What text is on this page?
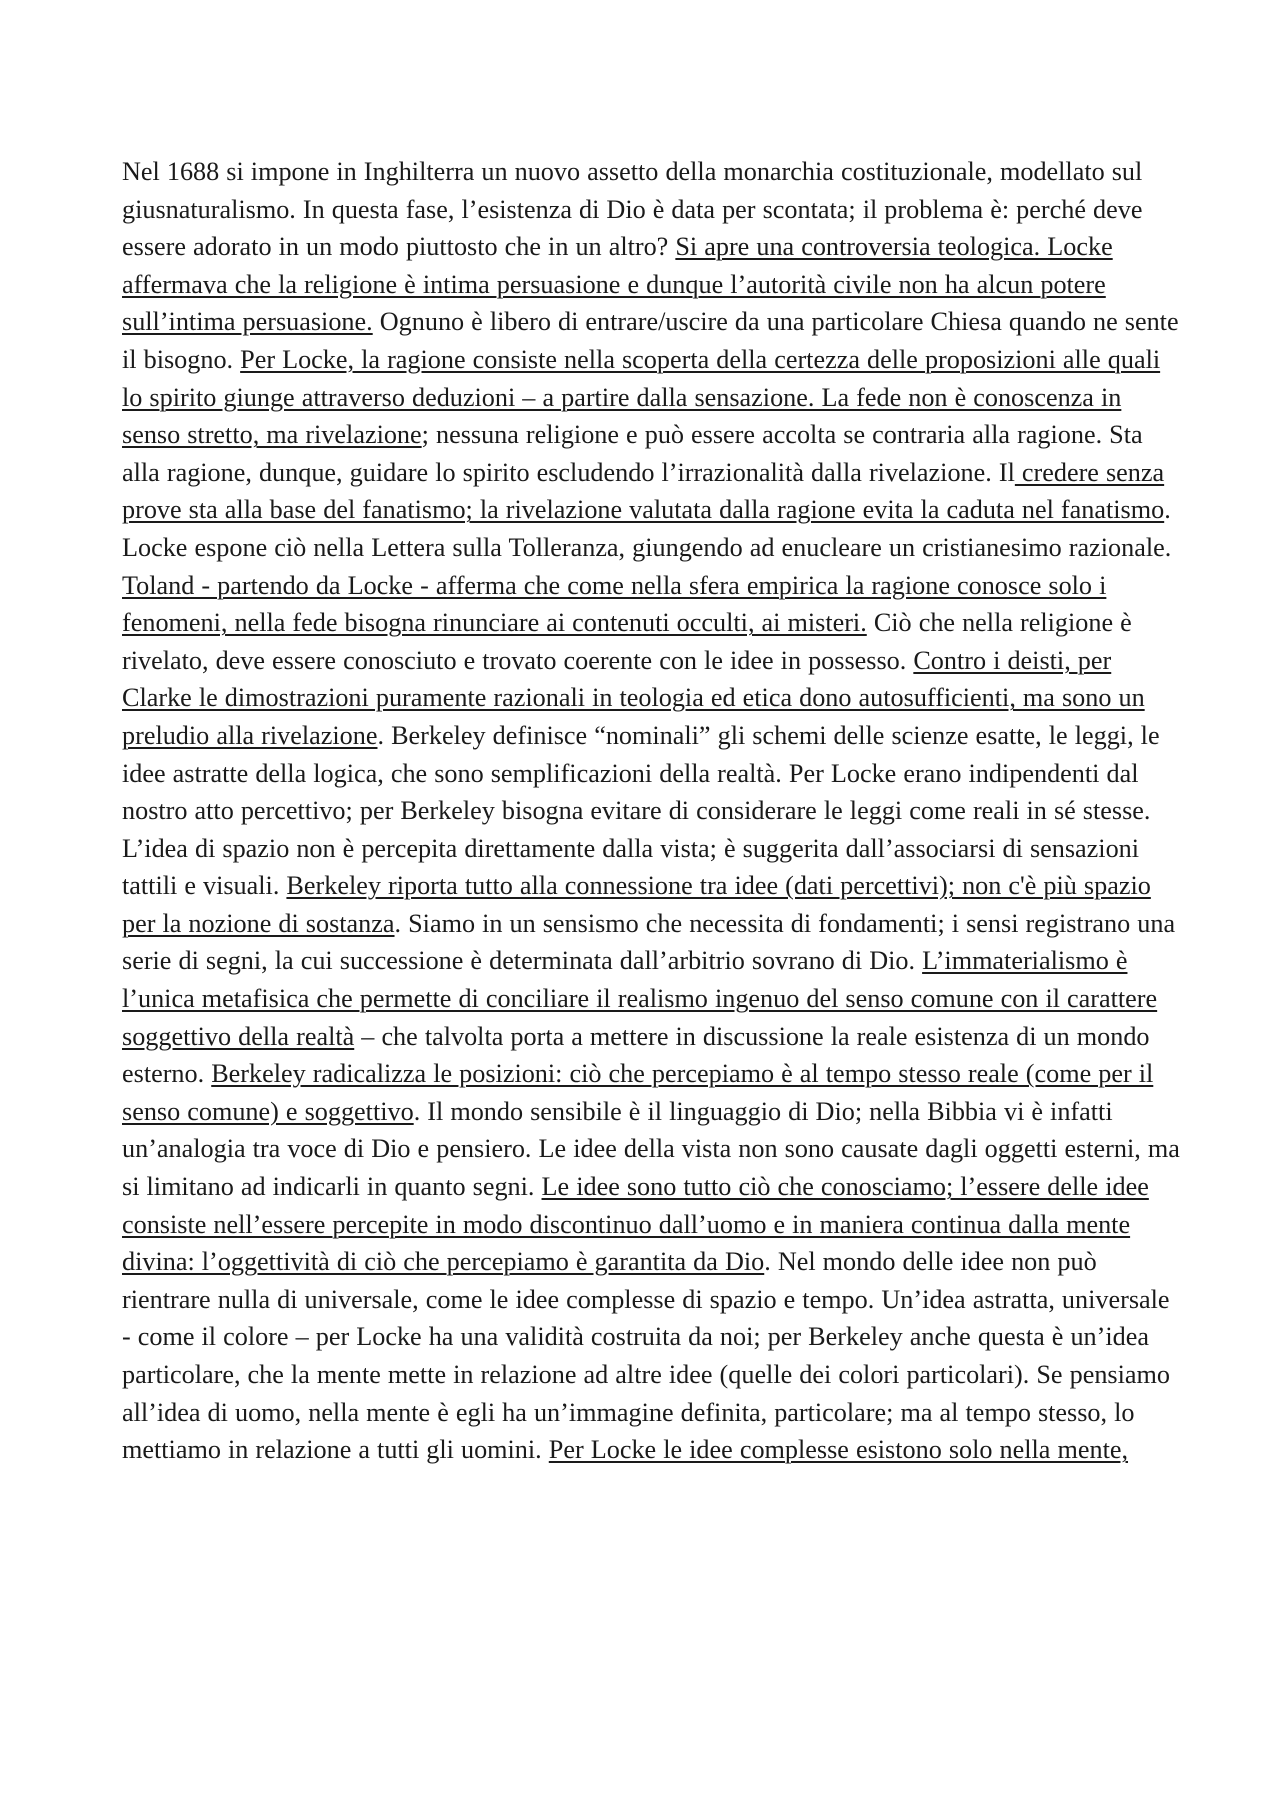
Nel 1688 si impone in Inghilterra un nuovo assetto della monarchia costituzionale, modellato sul giusnaturalismo. In questa fase, l’esistenza di Dio è data per scontata; il problema è: perché deve essere adorato in un modo piuttosto che in un altro? Si apre una controversia teologica. Locke affermava che la religione è intima persuasione e dunque l’autorità civile non ha alcun potere sull’intima persuasione. Ognuno è libero di entrare/uscire da una particolare Chiesa quando ne sente il bisogno. Per Locke, la ragione consiste nella scoperta della certezza delle proposizioni alle quali lo spirito giunge attraverso deduzioni – a partire dalla sensazione. La fede non è conoscenza in senso stretto, ma rivelazione; nessuna religione e può essere accolta se contraria alla ragione. Sta alla ragione, dunque, guidare lo spirito escludendo l’irrazionalità dalla rivelazione. Il credere senza prove sta alla base del fanatismo; la rivelazione valutata dalla ragione evita la caduta nel fanatismo. Locke espone ciò nella Lettera sulla Tolleranza, giungendo ad enucleare un cristianesimo razionale. Toland - partendo da Locke - afferma che come nella sfera empirica la ragione conosce solo i fenomeni, nella fede bisogna rinunciare ai contenuti occulti, ai misteri. Ciò che nella religione è rivelato, deve essere conosciuto e trovato coerente con le idee in possesso. Contro i deisti, per Clarke le dimostrazioni puramente razionali in teologia ed etica dono autosufficienti, ma sono un preludio alla rivelazione. Berkeley definisce “nominali” gli schemi delle scienze esatte, le leggi, le idee astratte della logica, che sono semplificazioni della realtà. Per Locke erano indipendenti dal nostro atto percettivo; per Berkeley bisogna evitare di considerare le leggi come reali in sé stesse. L’idea di spazio non è percepita direttamente dalla vista; è suggerita dall’associarsi di sensazioni tattili e visuali. Berkeley riporta tutto alla connessione tra idee (dati percettivi); non c'è più spazio per la nozione di sostanza. Siamo in un sensismo che necessita di fondamenti; i sensi registrano una serie di segni, la cui successione è determinata dall’arbitrio sovrano di Dio. L’immaterialismo è l’unica metafisica che permette di conciliare il realismo ingenuo del senso comune con il carattere soggettivo della realtà – che talvolta porta a mettere in discussione la reale esistenza di un mondo esterno. Berkeley radicalizza le posizioni: ciò che percepiamo è al tempo stesso reale (come per il senso comune) e soggettivo. Il mondo sensibile è il linguaggio di Dio; nella Bibbia vi è infatti un’analogia tra voce di Dio e pensiero. Le idee della vista non sono causate dagli oggetti esterni, ma si limitano ad indicarli in quanto segni. Le idee sono tutto ciò che conosciamo; l’essere delle idee consiste nell’essere percepite in modo discontinuo dall’uomo e in maniera continua dalla mente divina: l’oggettività di ciò che percepiamo è garantita da Dio. Nel mondo delle idee non può rientrare nulla di universale, come le idee complesse di spazio e tempo. Un’idea astratta, universale - come il colore – per Locke ha una validità costruita da noi; per Berkeley anche questa è un’idea particolare, che la mente mette in relazione ad altre idee (quelle dei colori particolari). Se pensiamo all’idea di uomo, nella mente è egli ha un’immagine definita, particolare; ma al tempo stesso, lo mettiamo in relazione a tutti gli uomini. Per Locke le idee complesse esistono solo nella mente,
